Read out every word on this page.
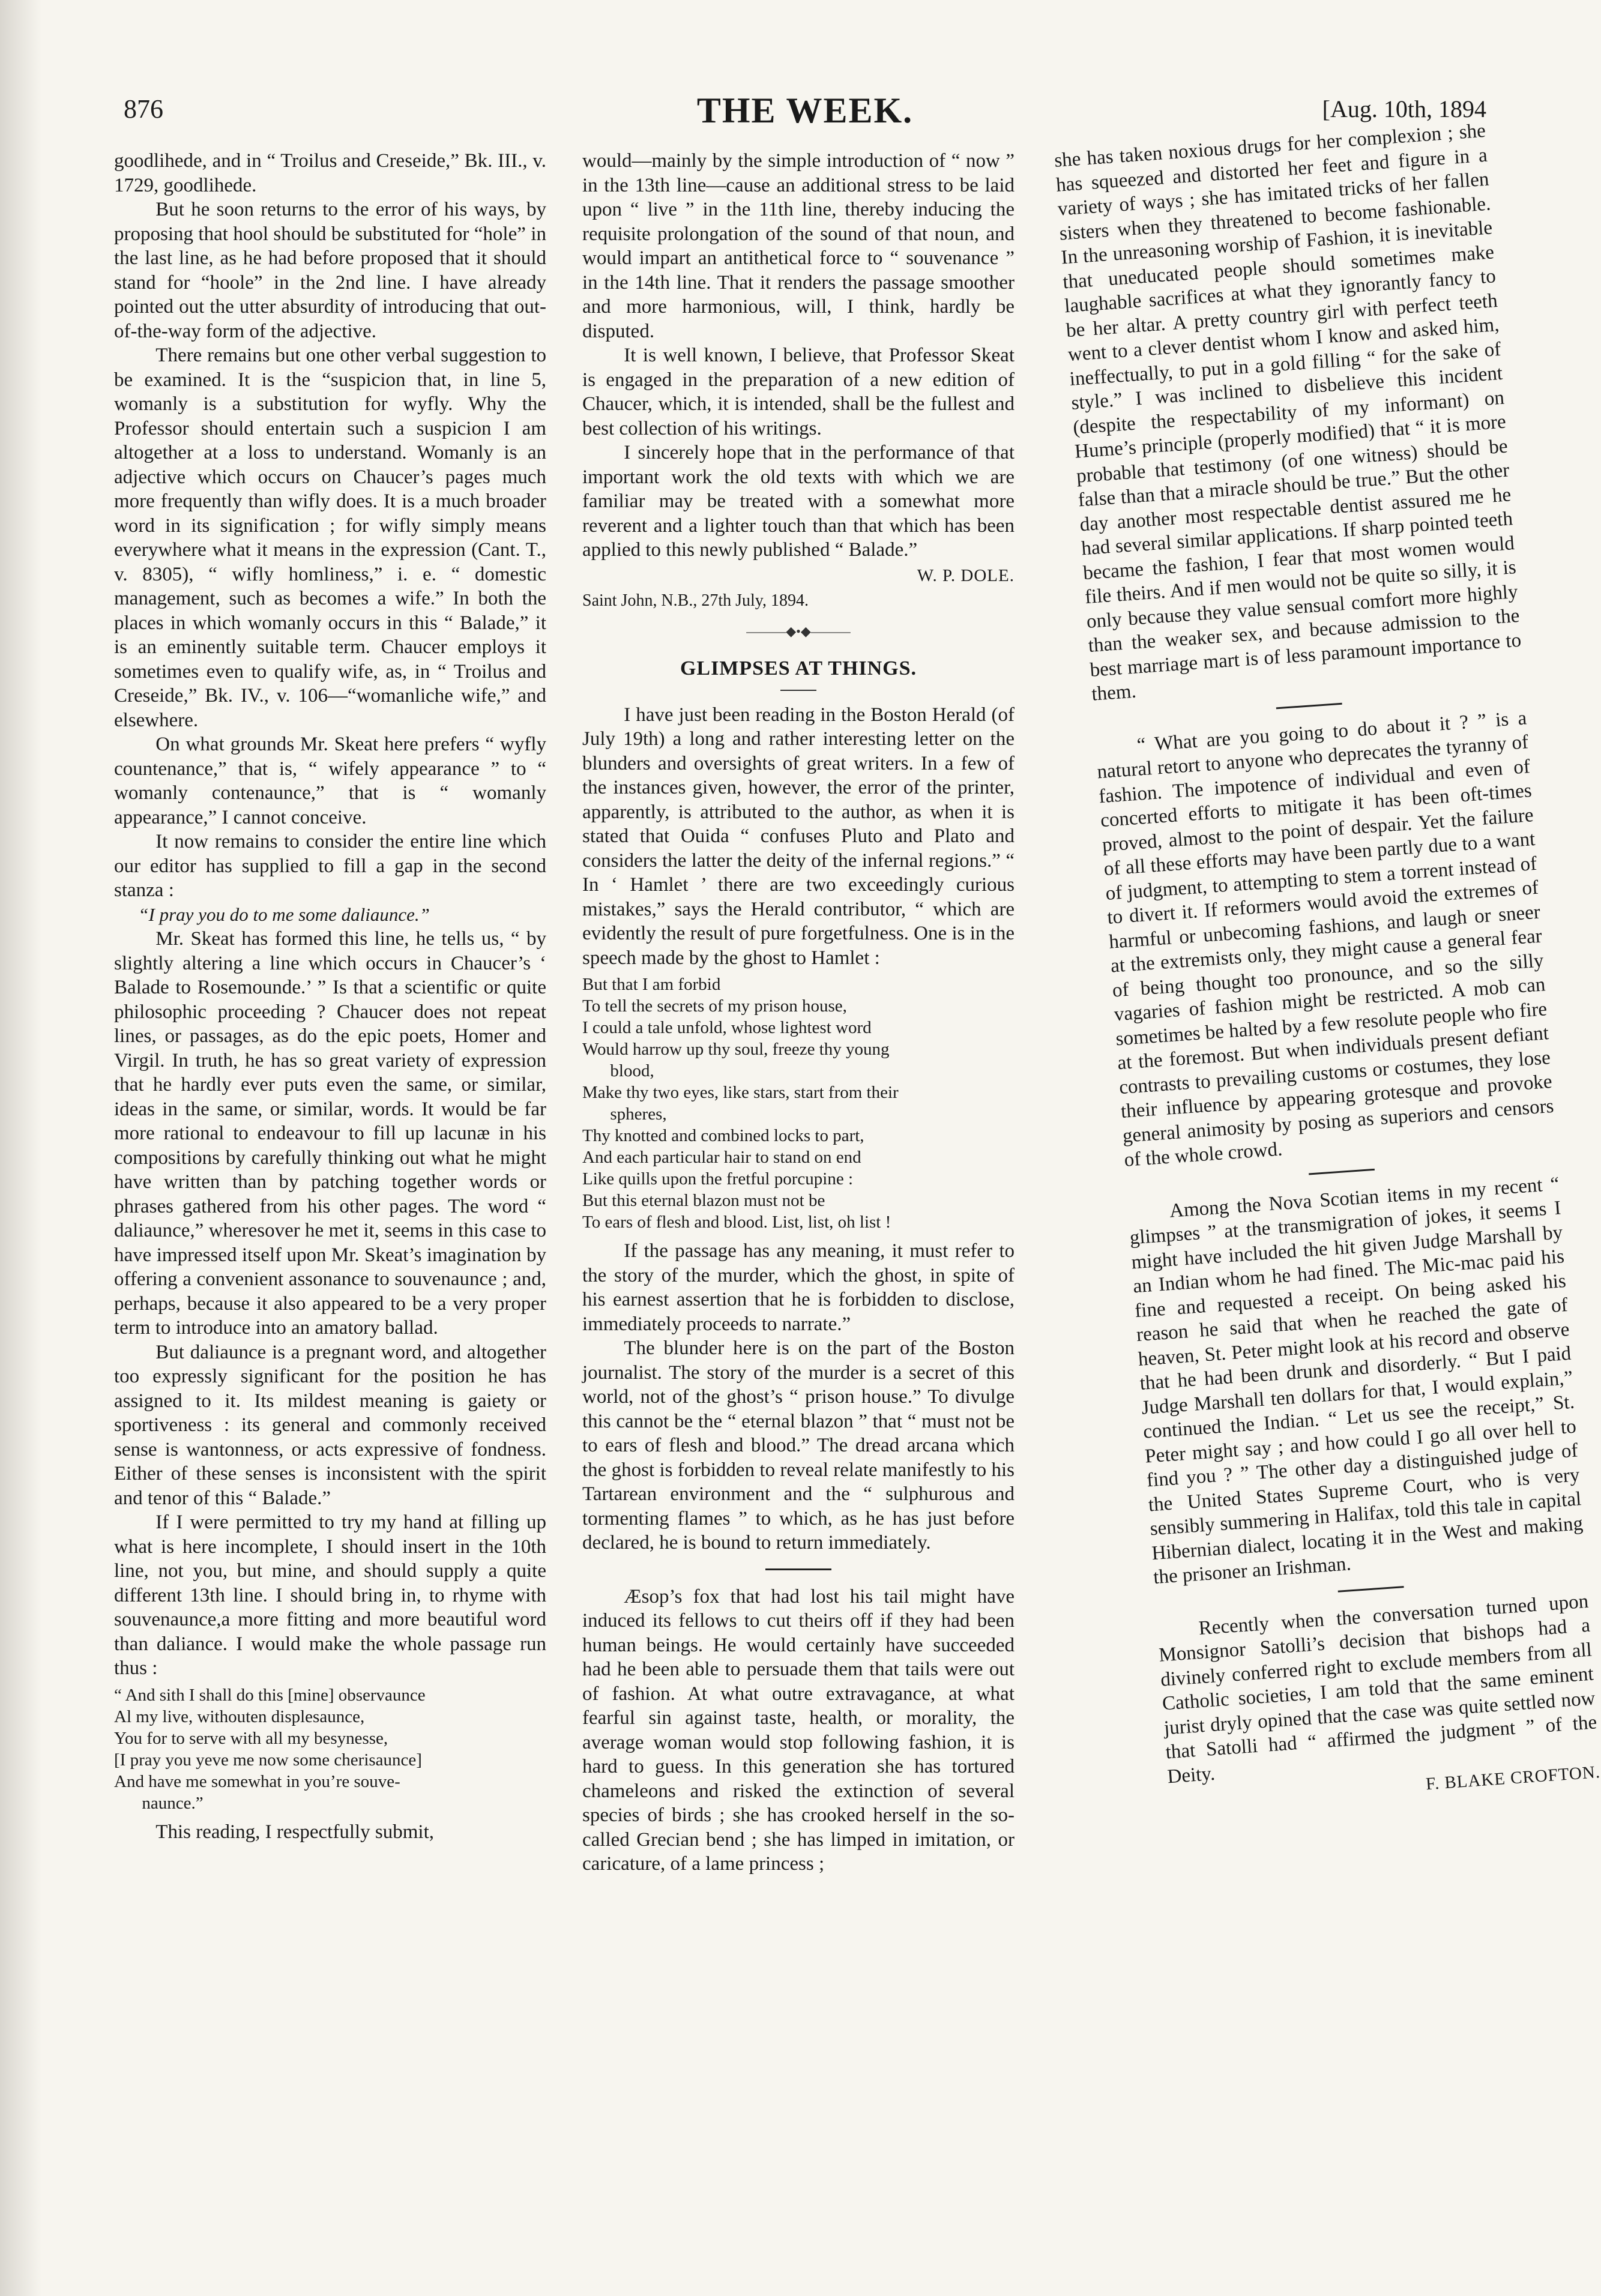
876	THE WEEK.	[Aug. 10th, 1894

goodlihede, and in “ Troilus and Creseide,” Bk. III., v. 1729, goodlihede.

But he soon returns to the error of his ways, by proposing that hool should be substituted for “hole” in the last line, as he had before proposed that it should stand for “hoole” in the 2nd line. I have already pointed out the utter absurdity of introducing that out-of-the-way form of the adjective.

There remains but one other verbal suggestion to be examined. It is the “suspicion that, in line 5, womanly is a substitution for wyfly. Why the Professor should entertain such a suspicion I am altogether at a loss to understand. Womanly is an adjective which occurs on Chaucer’s pages much more frequently than wifly does. It is a much broader word in its signification ; for wifly simply means everywhere what it means in the expression (Cant. T., v. 8305), “ wifly homliness,” i. e. “ domestic management, such as becomes a wife.” In both the places in which womanly occurs in this “ Balade,” it is an eminently suitable term. Chaucer employs it sometimes even to qualify wife, as, in “ Troilus and Creseide,” Bk. IV., v. 106—“womanliche wife,” and elsewhere.

On what grounds Mr. Skeat here prefers “ wyfly countenance,” that is, “ wifely appearance ” to “ womanly contenaunce,” that is “ womanly appearance,” I cannot conceive.

It now remains to consider the entire line which our editor has supplied to fill a gap in the second stanza :

“I pray you do to me some daliaunce.”

Mr. Skeat has formed this line, he tells us, “ by slightly altering a line which occurs in Chaucer’s ‘ Balade to Rosemounde.’ ” Is that a scientific or quite philosophic proceeding ? Chaucer does not repeat lines, or passages, as do the epic poets, Homer and Virgil. In truth, he has so great variety of expression that he hardly ever puts even the same, or similar, ideas in the same, or similar, words. It would be far more rational to endeavour to fill up lacunæ in his compositions by carefully thinking out what he might have written than by patching together words or phrases gathered from his other pages. The word “ daliaunce,” wheresover he met it, seems in this case to have impressed itself upon Mr. Skeat’s imagination by offering a convenient assonance to souvenaunce ; and, perhaps, because it also appeared to be a very proper term to introduce into an amatory ballad.

But daliaunce is a pregnant word, and altogether too expressly significant for the position he has assigned to it. Its mildest meaning is gaiety or sportiveness : its general and commonly received sense is wantonness, or acts expressive of fondness. Either of these senses is inconsistent with the spirit and tenor of this “ Balade.”

If I were permitted to try my hand at filling up what is here incomplete, I should insert in the 10th line, not you, but mine, and should supply a quite different 13th line. I should bring in, to rhyme with souvenaunce,a more fitting and more beautiful word than daliance. I would make the whole passage run thus :

“ And sith I shall do this [mine] observaunce
Al my live, withouten displesaunce,
You for to serve with all my besynesse,
[I pray you yeve me now some cherisaunce]
And have me somewhat in you’re souve-
naunce.”

This reading, I respectfully submit,

would—mainly by the simple introduction of “ now ” in the 13th line—cause an additional stress to be laid upon “ live ” in the 11th line, thereby inducing the requisite prolongation of the sound of that noun, and would impart an antithetical force to “ souvenance ” in the 14th line. That it renders the passage smoother and more harmonious, will, I think, hardly be disputed.

It is well known, I believe, that Professor Skeat is engaged in the preparation of a new edition of Chaucer, which, it is intended, shall be the fullest and best collection of his writings.

I sincerely hope that in the performance of that important work the old texts with which we are familiar may be treated with a somewhat more reverent and a lighter touch than that which has been applied to this newly published “ Balade.”

W. P. DOLE.
Saint John, N.B., 27th July, 1894.
———◆•◆———
GLIMPSES AT THINGS.

I have just been reading in the Boston Herald (of July 19th) a long and rather interesting letter on the blunders and oversights of great writers. In a few of the instances given, however, the error of the printer, apparently, is attributed to the author, as when it is stated that Ouida “ confuses Pluto and Plato and considers the latter the deity of the infernal regions.” “ In ‘ Hamlet ’ there are two exceedingly curious mistakes,” says the Herald contributor, “ which are evidently the result of pure forgetfulness. One is in the speech made by the ghost to Hamlet :

But that I am forbid
To tell the secrets of my prison house,
I could a tale unfold, whose lightest word
Would harrow up thy soul, freeze thy young
blood,
Make thy two eyes, like stars, start from their
spheres,
Thy knotted and combined locks to part,
And each particular hair to stand on end
Like quills upon the fretful porcupine :
But this eternal blazon must not be
To ears of flesh and blood. List, list, oh list !

If the passage has any meaning, it must refer to the story of the murder, which the ghost, in spite of his earnest assertion that he is forbidden to disclose, immediately proceeds to narrate.”

The blunder here is on the part of the Boston journalist. The story of the murder is a secret of this world, not of the ghost’s “ prison house.” To divulge this cannot be the “ eternal blazon ” that “ must not be to ears of flesh and blood.” The dread arcana which the ghost is forbidden to reveal relate manifestly to his Tartarean environment and the “ sulphurous and tormenting flames ” to which, as he has just before declared, he is bound to return immediately.

Æsop’s fox that had lost his tail might have induced its fellows to cut theirs off if they had been human beings. He would certainly have succeeded had he been able to persuade them that tails were out of fashion. At what outre extravagance, at what fearful sin against taste, health, or morality, the average woman would stop following fashion, it is hard to guess. In this generation she has tortured chameleons and risked the extinction of several species of birds ; she has crooked herself in the so-called Grecian bend ; she has limped in imitation, or caricature, of a lame princess ;

she has taken noxious drugs for her complexion ; she has squeezed and distorted her feet and figure in a variety of ways ; she has imitated tricks of her fallen sisters when they threatened to become fashionable. In the unreasoning worship of Fashion, it is inevitable that uneducated people should sometimes make laughable sacrifices at what they ignorantly fancy to be her altar. A pretty country girl with perfect teeth went to a clever dentist whom I know and asked him, ineffectually, to put in a gold filling “ for the sake of style.” I was inclined to disbelieve this incident (despite the respectability of my informant) on Hume’s principle (properly modified) that “ it is more probable that testimony (of one witness) should be false than that a miracle should be true.” But the other day another most respectable dentist assured me he had several similar applications. If sharp pointed teeth became the fashion, I fear that most women would file theirs. And if men would not be quite so silly, it is only because they value sensual comfort more highly than the weaker sex, and because admission to the best marriage mart is of less paramount importance to them.

“ What are you going to do about it ? ” is a natural retort to anyone who deprecates the tyranny of fashion. The impotence of individual and even of concerted efforts to mitigate it has been oft-times proved, almost to the point of despair. Yet the failure of all these efforts may have been partly due to a want of judgment, to attempting to stem a torrent instead of to divert it. If reformers would avoid the extremes of harmful or unbecoming fashions, and laugh or sneer at the extremists only, they might cause a general fear of being thought too pronounce, and so the silly vagaries of fashion might be restricted. A mob can sometimes be halted by a few resolute people who fire at the foremost. But when individuals present defiant contrasts to prevailing customs or costumes, they lose their influence by appearing grotesque and provoke general animosity by posing as superiors and censors of the whole crowd.

Among the Nova Scotian items in my recent “ glimpses ” at the transmigration of jokes, it seems I might have included the hit given Judge Marshall by an Indian whom he had fined. The Mic-mac paid his fine and requested a receipt. On being asked his reason he said that when he reached the gate of heaven, St. Peter might look at his record and observe that he had been drunk and disorderly. “ But I paid Judge Marshall ten dollars for that, I would explain,” continued the Indian. “ Let us see the receipt,” St. Peter might say ; and how could I go all over hell to find you ? ” The other day a distinguished judge of the United States Supreme Court, who is very sensibly summering in Halifax, told this tale in capital Hibernian dialect, locating it in the West and making the prisoner an Irishman.

Recently when the conversation turned upon Monsignor Satolli’s decision that bishops had a divinely conferred right to exclude members from all Catholic societies, I am told that the same eminent jurist dryly opined that the case was quite settled now that Satolli had “ affirmed the judgment ” of the Deity.	F. BLAKE CROFTON.
